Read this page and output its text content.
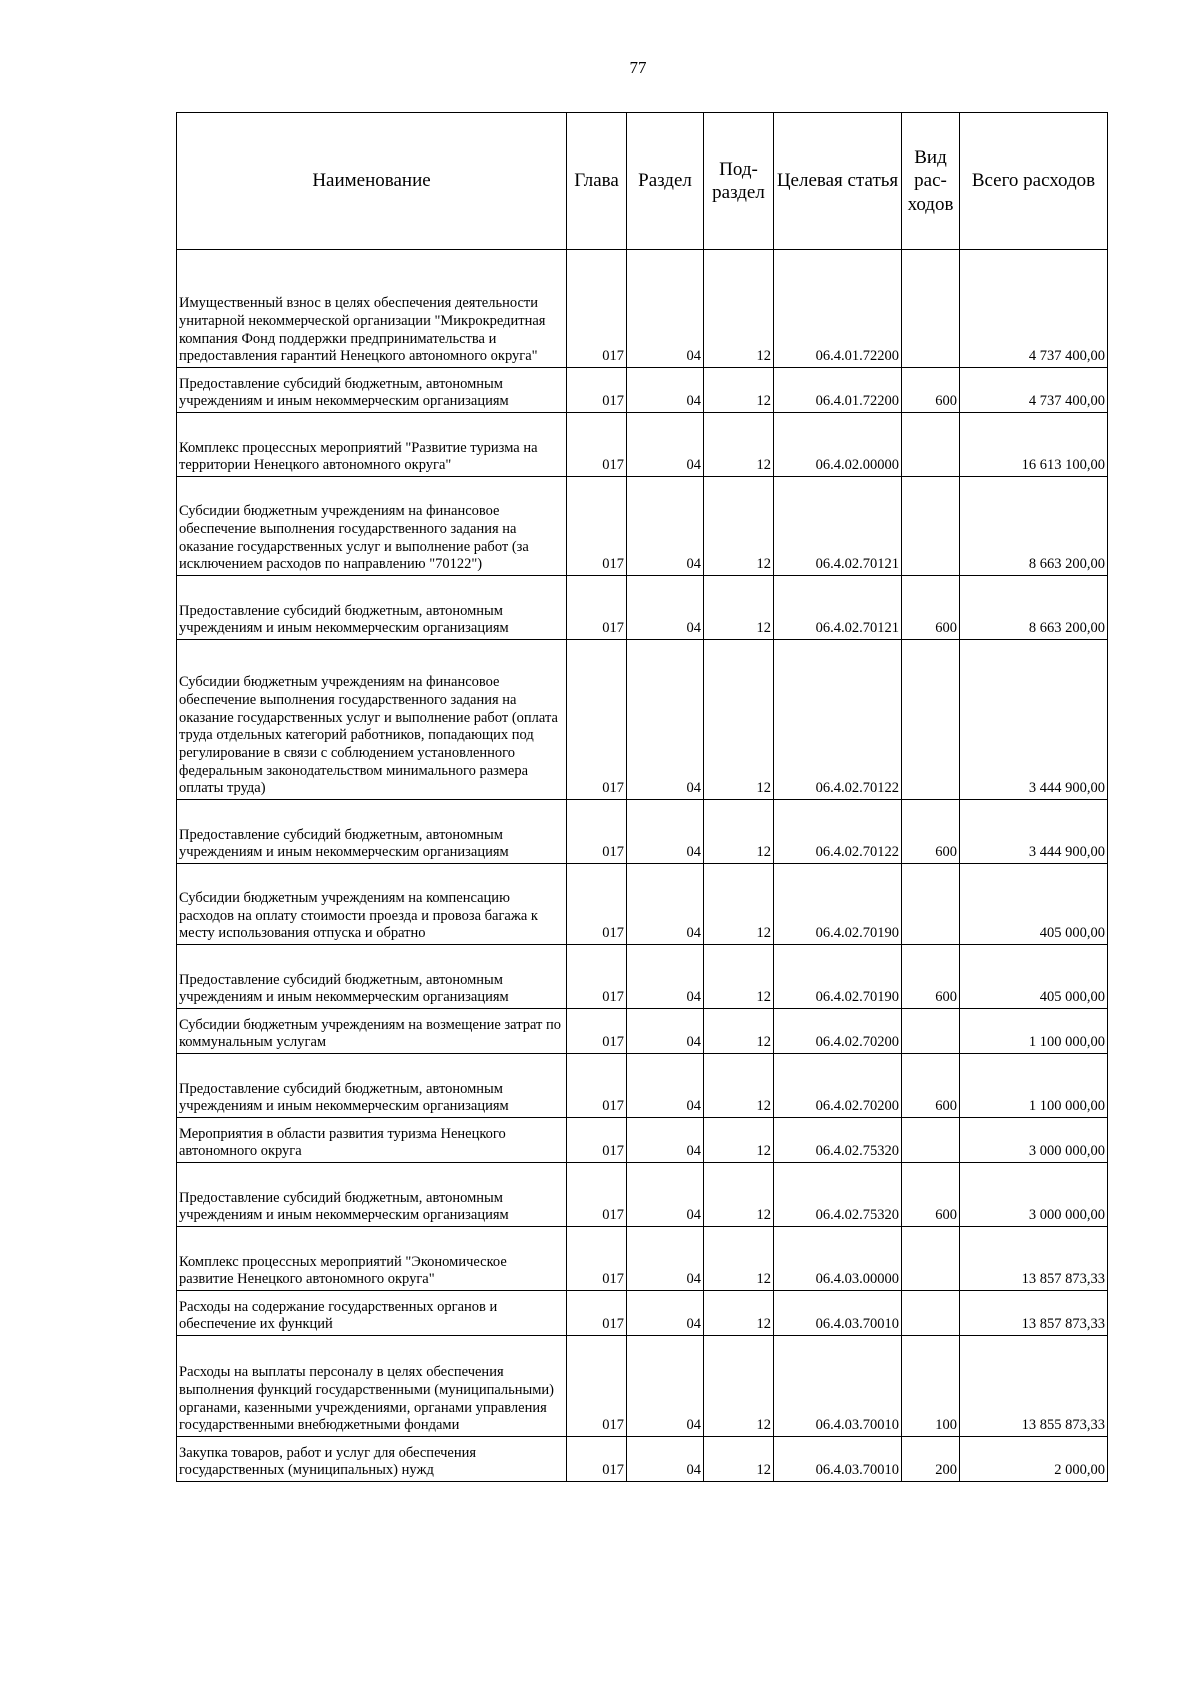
77
Наименование	Глава	Раздел	Под-раздел	Целевая статья	Вид рас-ходов	Всего расходов
Имущественный взнос в целях обеспечения деятельности унитарной некоммерческой организации "Микрокредитная компания Фонд поддержки предпринимательства и предоставления гарантий Ненецкого автономного округа"	017	04	12	06.4.01.72200		4 737 400,00
Предоставление субсидий бюджетным, автономным учреждениям и иным некоммерческим организациям	017	04	12	06.4.01.72200	600	4 737 400,00
Комплекс процессных мероприятий "Развитие туризма на территории Ненецкого автономного округа"	017	04	12	06.4.02.00000		16 613 100,00
Субсидии бюджетным учреждениям на финансовое обеспечение выполнения государственного задания на оказание государственных услуг и выполнение работ (за исключением расходов по направлению "70122")	017	04	12	06.4.02.70121		8 663 200,00
Предоставление субсидий бюджетным, автономным учреждениям и иным некоммерческим организациям	017	04	12	06.4.02.70121	600	8 663 200,00
Субсидии бюджетным учреждениям на финансовое обеспечение выполнения государственного задания на оказание государственных услуг и выполнение работ (оплата труда отдельных категорий работников, попадающих под регулирование в связи с соблюдением установленного федеральным законодательством минимального размера оплаты труда)	017	04	12	06.4.02.70122		3 444 900,00
Предоставление субсидий бюджетным, автономным учреждениям и иным некоммерческим организациям	017	04	12	06.4.02.70122	600	3 444 900,00
Субсидии бюджетным учреждениям на компенсацию расходов на оплату стоимости проезда и провоза багажа к месту использования отпуска и обратно	017	04	12	06.4.02.70190		405 000,00
Предоставление субсидий бюджетным, автономным учреждениям и иным некоммерческим организациям	017	04	12	06.4.02.70190	600	405 000,00
Субсидии бюджетным учреждениям на возмещение затрат по коммунальным услугам	017	04	12	06.4.02.70200		1 100 000,00
Предоставление субсидий бюджетным, автономным учреждениям и иным некоммерческим организациям	017	04	12	06.4.02.70200	600	1 100 000,00
Мероприятия в области развития туризма Ненецкого автономного округа	017	04	12	06.4.02.75320		3 000 000,00
Предоставление субсидий бюджетным, автономным учреждениям и иным некоммерческим организациям	017	04	12	06.4.02.75320	600	3 000 000,00
Комплекс процессных мероприятий "Экономическое развитие Ненецкого автономного округа"	017	04	12	06.4.03.00000		13 857 873,33
Расходы на содержание государственных органов и обеспечение их функций	017	04	12	06.4.03.70010		13 857 873,33
Расходы на выплаты персоналу в целях обеспечения выполнения функций государственными (муниципальными) органами, казенными учреждениями, органами управления государственными внебюджетными фондами	017	04	12	06.4.03.70010	100	13 855 873,33
Закупка товаров, работ и услуг для обеспечения государственных (муниципальных) нужд	017	04	12	06.4.03.70010	200	2 000,00
